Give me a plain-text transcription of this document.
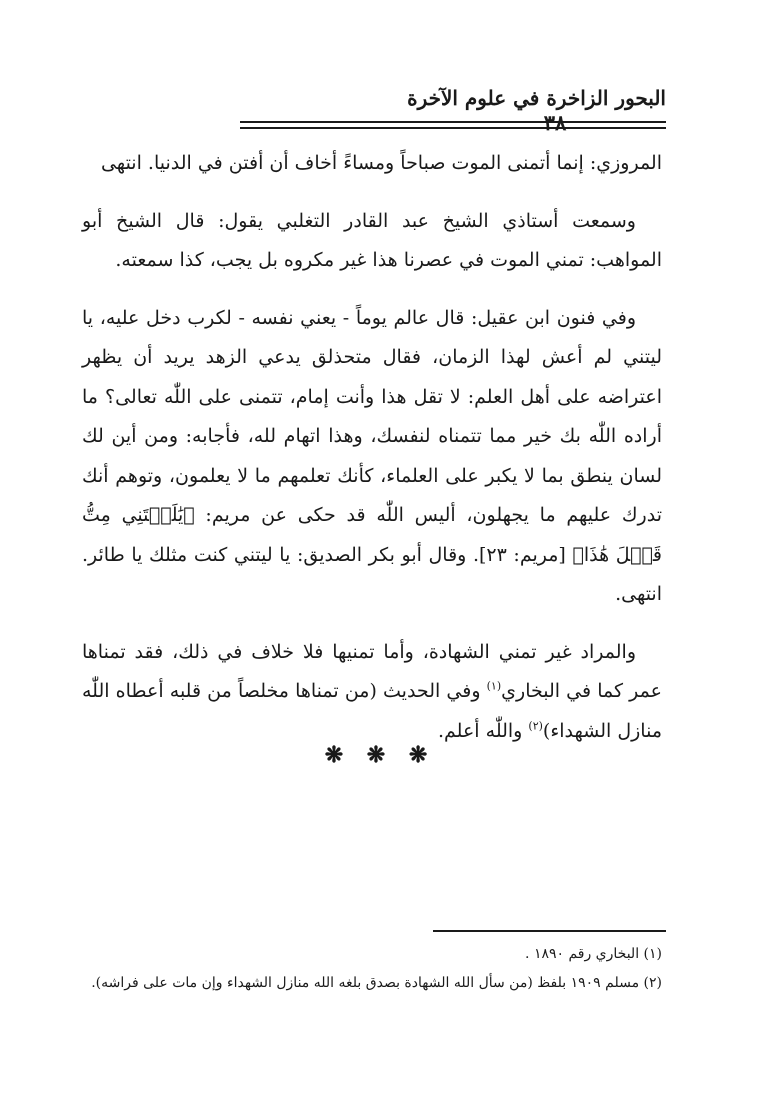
البحور الزاخرة في علوم الآخرة
٣٨

المروزي: إنما أتمنى الموت صباحاً ومساءً أخاف أن أفتن في الدنيا. انتهى

وسمعت أستاذي الشيخ عبد القادر التغلبي يقول: قال الشيخ أبو المواهب: تمني الموت في عصرنا هذا غير مكروه بل يجب، كذا سمعته.

وفي فنون ابن عقيل: قال عالم يوماً - يعني نفسه - لكرب دخل عليه، يا ليتني لم أعش لهذا الزمان، فقال متحذلق يدعي الزهد يريد أن يظهر اعتراضه على أهل العلم: لا تقل هذا وأنت إمام، تتمنى على اللّٰه تعالى؟ ما أراده اللّٰه بك خير مما تتمناه لنفسك، وهذا اتهام لله، فأجابه: ومن أين لك لسان ينطق بما لا يكبر على العلماء، كأنك تعلمهم ما لا يعلمون، وتوهم أنك تدرك عليهم ما يجهلون، أليس اللّٰه قد حكى عن مريم: ﴿يَٰلَيۡتَنِي مِتُّ قَبۡلَ هَٰذَا﴾ [مريم: ٢٣]. وقال أبو بكر الصديق: يا ليتني كنت مثلك يا طائر. انتهى.

والمراد غير تمني الشهادة، وأما تمنيها فلا خلاف في ذلك، فقد تمناها عمر كما في البخاري$^{(١)}$ وفي الحديث (من تمناها مخلصاً من قلبه أعطاه اللّٰه منازل الشهداء)$^{(٢)}$ واللّٰه أعلم.

❋ ❋ ❋

(١) البخاري رقم ١٨٩٠ .

(٢) مسلم ١٩٠٩ بلفظ (من سأل الله الشهادة بصدق بلغه الله منازل الشهداء وإن مات على فراشه).
